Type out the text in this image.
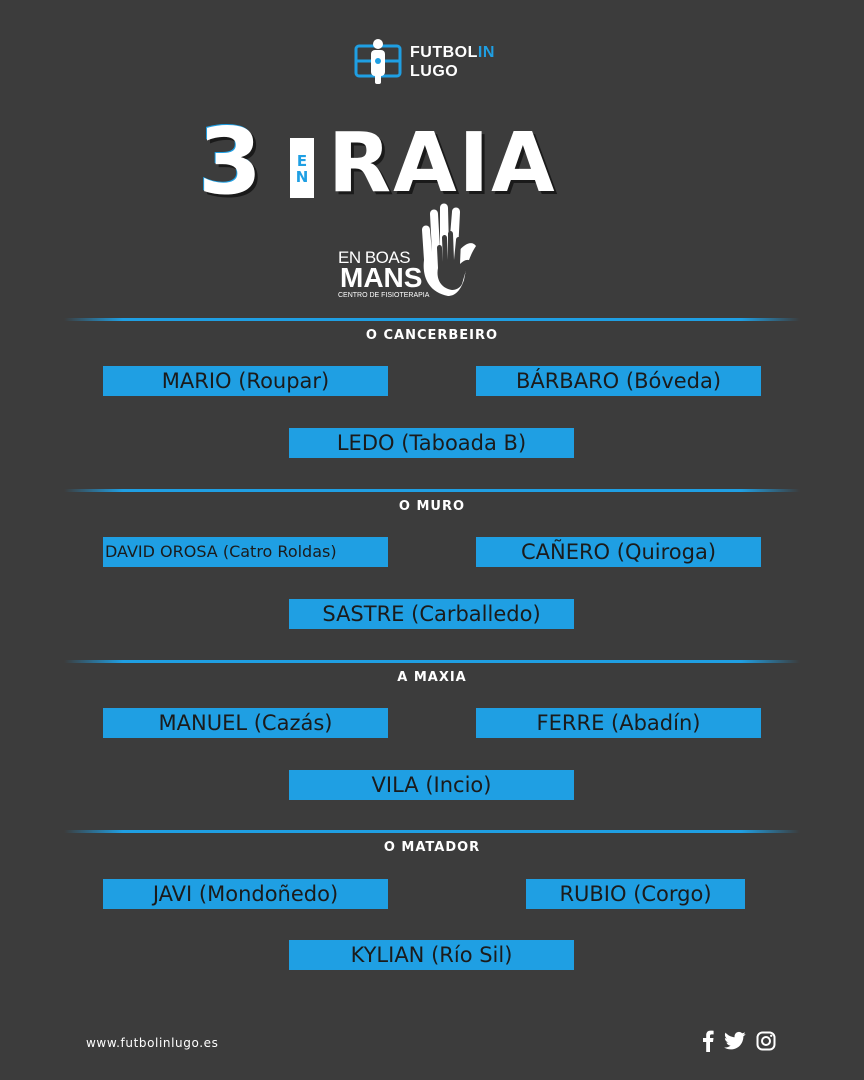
FUTBOLIN
LUGO
3 EN RAIA
EN BOAS
MANS
CENTRO DE FISIOTERAPIA
O CANCERBEIRO
MARIO (Roupar)	BÁRBARO (Bóveda)
LEDO (Taboada B)
O MURO
DAVID OROSA (Catro Roldas)	CAÑERO (Quiroga)
SASTRE (Carballedo)
A MAXIA
MANUEL (Cazás)	FERRE (Abadín)
VILA (Incio)
O MATADOR
JAVI (Mondoñedo)	RUBIO (Corgo)
KYLIAN (Río Sil)
www.futbolinlugo.es
